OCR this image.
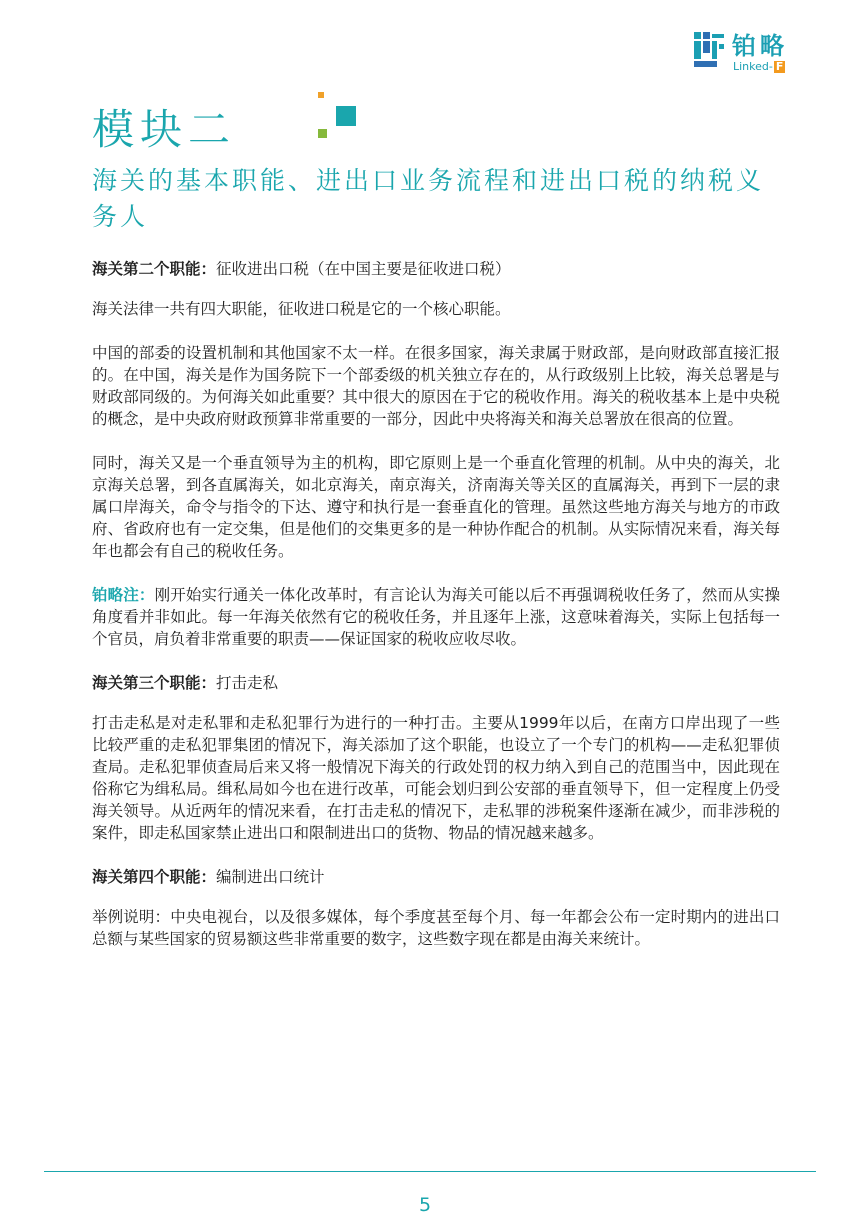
铂略
Linked- F
模块二
海关的基本职能、进出口业务流程和进出口税的纳税义务人

海关第二个职能：征收进出口税（在中国主要是征收进口税）

海关法律一共有四大职能，征收进口税是它的一个核心职能。

中国的部委的设置机制和其他国家不太一样。在很多国家，海关隶属于财政部，是向财政部直接汇报的。在中国，海关是作为国务院下一个部委级的机关独立存在的，从行政级别上比较，海关总署是与财政部同级的。为何海关如此重要？其中很大的原因在于它的税收作用。海关的税收基本上是中央税的概念，是中央政府财政预算非常重要的一部分，因此中央将海关和海关总署放在很高的位置。

同时，海关又是一个垂直领导为主的机构，即它原则上是一个垂直化管理的机制。从中央的海关，北京海关总署，到各直属海关，如北京海关，南京海关，济南海关等关区的直属海关，再到下一层的隶属口岸海关，命令与指令的下达、遵守和执行是一套垂直化的管理。虽然这些地方海关与地方的市政府、省政府也有一定交集，但是他们的交集更多的是一种协作配合的机制。从实际情况来看，海关每年也都会有自己的税收任务。

铂略注：刚开始实行通关一体化改革时，有言论认为海关可能以后不再强调税收任务了，然而从实操角度看并非如此。每一年海关依然有它的税收任务，并且逐年上涨，这意味着海关，实际上包括每一个官员，肩负着非常重要的职责——保证国家的税收应收尽收。

海关第三个职能：打击走私

打击走私是对走私罪和走私犯罪行为进行的一种打击。主要从1999年以后，在南方口岸出现了一些比较严重的走私犯罪集团的情况下，海关添加了这个职能，也设立了一个专门的机构——走私犯罪侦查局。走私犯罪侦查局后来又将一般情况下海关的行政处罚的权力纳入到自己的范围当中，因此现在俗称它为缉私局。缉私局如今也在进行改革，可能会划归到公安部的垂直领导下，但一定程度上仍受海关领导。从近两年的情况来看，在打击走私的情况下，走私罪的涉税案件逐渐在减少，而非涉税的案件，即走私国家禁止进出口和限制进出口的货物、物品的情况越来越多。

海关第四个职能：编制进出口统计

举例说明：中央电视台，以及很多媒体，每个季度甚至每个月、每一年都会公布一定时期内的进出口总额与某些国家的贸易额这些非常重要的数字，这些数字现在都是由海关来统计。

5
